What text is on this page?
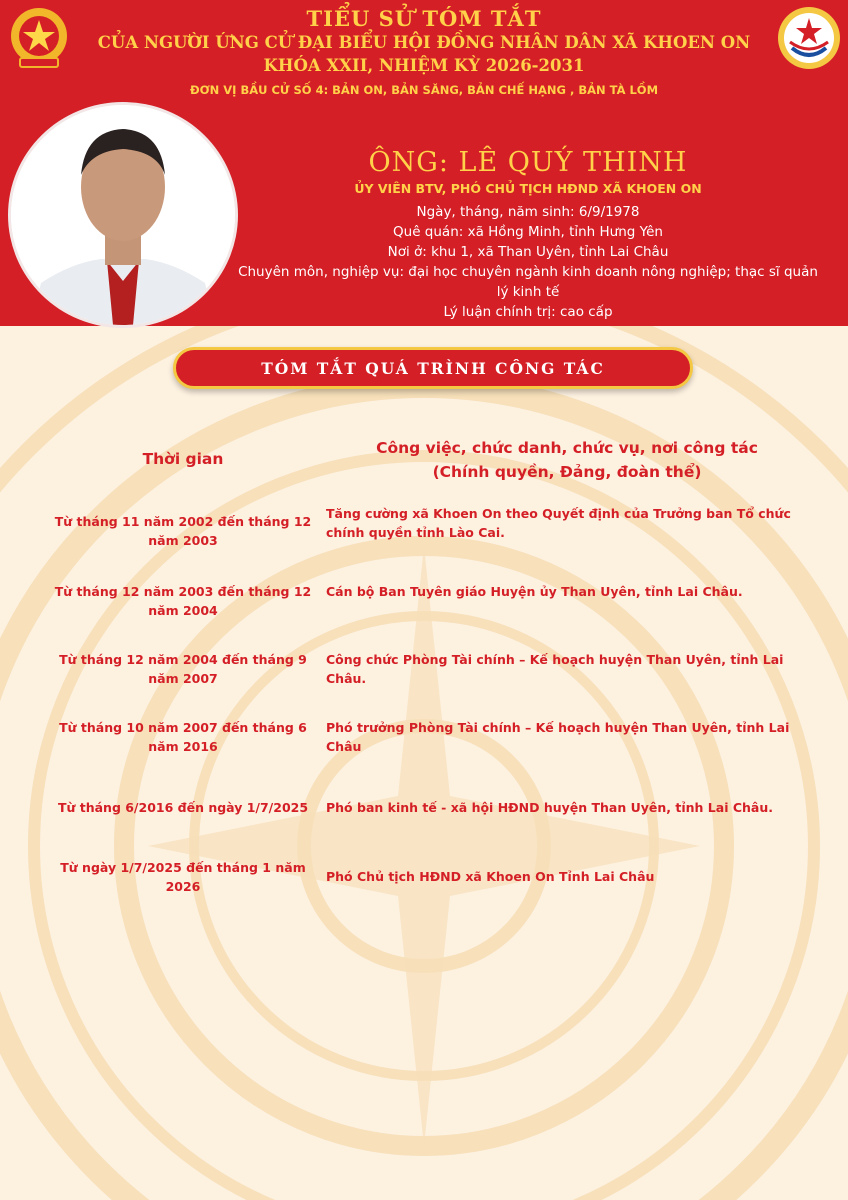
TIỂU SỬ TÓM TẮT
CỦA NGƯỜI ỨNG CỬ ĐẠI BIỂU HỘI ĐỒNG NHÂN DÂN XÃ KHOEN ON
KHÓA XXII, NHIỆM KỲ 2026-2031
ĐƠN VỊ BẦU CỬ SỐ 4: BẢN ON, BẢN SĂNG, BẢN CHẾ HẠNG , BẢN TÀ LỒM
ÔNG: LÊ QUÝ THINH
ỦY VIÊN BTV, PHÓ CHỦ TỊCH HĐND XÃ KHOEN ON
Ngày, tháng, năm sinh: 6/9/1978
Quê quán: xã Hồng Minh, tỉnh Hưng Yên
Nơi ở: khu 1, xã Than Uyên, tỉnh Lai Châu
Chuyên môn, nghiệp vụ: đại học chuyên ngành kinh doanh nông nghiệp; thạc sĩ quản lý kinh tế
Lý luận chính trị: cao cấp
TÓM TẮT QUÁ TRÌNH CÔNG TÁC
Thời gian
Công việc, chức danh, chức vụ, nơi công tác
(Chính quyền, Đảng, đoàn thể)
Từ tháng 11 năm 2002 đến tháng 12 năm 2003
Tăng cường xã Khoen On theo Quyết định của Trưởng ban Tổ chức chính quyền tỉnh Lào Cai.
Từ tháng 12 năm 2003 đến tháng 12 năm 2004
Cán bộ Ban Tuyên giáo Huyện ủy Than Uyên, tỉnh Lai Châu.
Từ tháng 12 năm 2004 đến tháng 9 năm 2007
Công chức Phòng Tài chính – Kế hoạch huyện Than Uyên, tỉnh Lai Châu.
Từ tháng 10 năm 2007 đến tháng 6 năm 2016
Phó trưởng Phòng Tài chính – Kế hoạch huyện Than Uyên, tỉnh Lai Châu
Từ tháng 6/2016 đến ngày 1/7/2025	Phó ban kinh tế - xã hội HĐND huyện Than Uyên, tỉnh Lai Châu.
Từ ngày 1/7/2025 đến tháng 1 năm 2026
Phó Chủ tịch HĐND xã Khoen On Tỉnh Lai Châu
